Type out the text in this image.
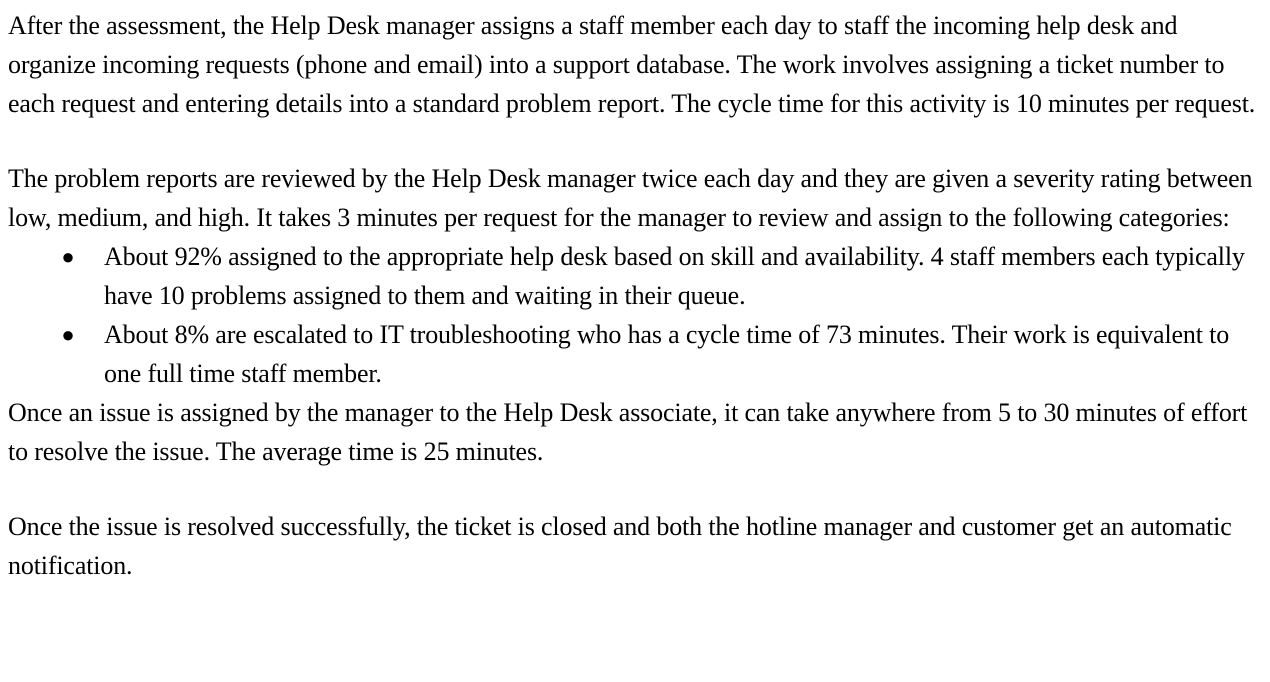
After the assessment, the Help Desk manager assigns a staff member each day to staff the incoming help desk and organize incoming requests (phone and email) into a support database. The work involves assigning a ticket number to each request and entering details into a standard problem report. The cycle time for this activity is 10 minutes per request.

The problem reports are reviewed by the Help Desk manager twice each day and they are given a severity rating between low, medium, and high. It takes 3 minutes per request for the manager to review and assign to the following categories:

● About 92% assigned to the appropriate help desk based on skill and availability. 4 staff members each typically have 10 problems assigned to them and waiting in their queue.
● About 8% are escalated to IT troubleshooting who has a cycle time of 73 minutes. Their work is equivalent to one full time staff member.

Once an issue is assigned by the manager to the Help Desk associate, it can take anywhere from 5 to 30 minutes of effort to resolve the issue. The average time is 25 minutes.

Once the issue is resolved successfully, the ticket is closed and both the hotline manager and customer get an automatic notification.
